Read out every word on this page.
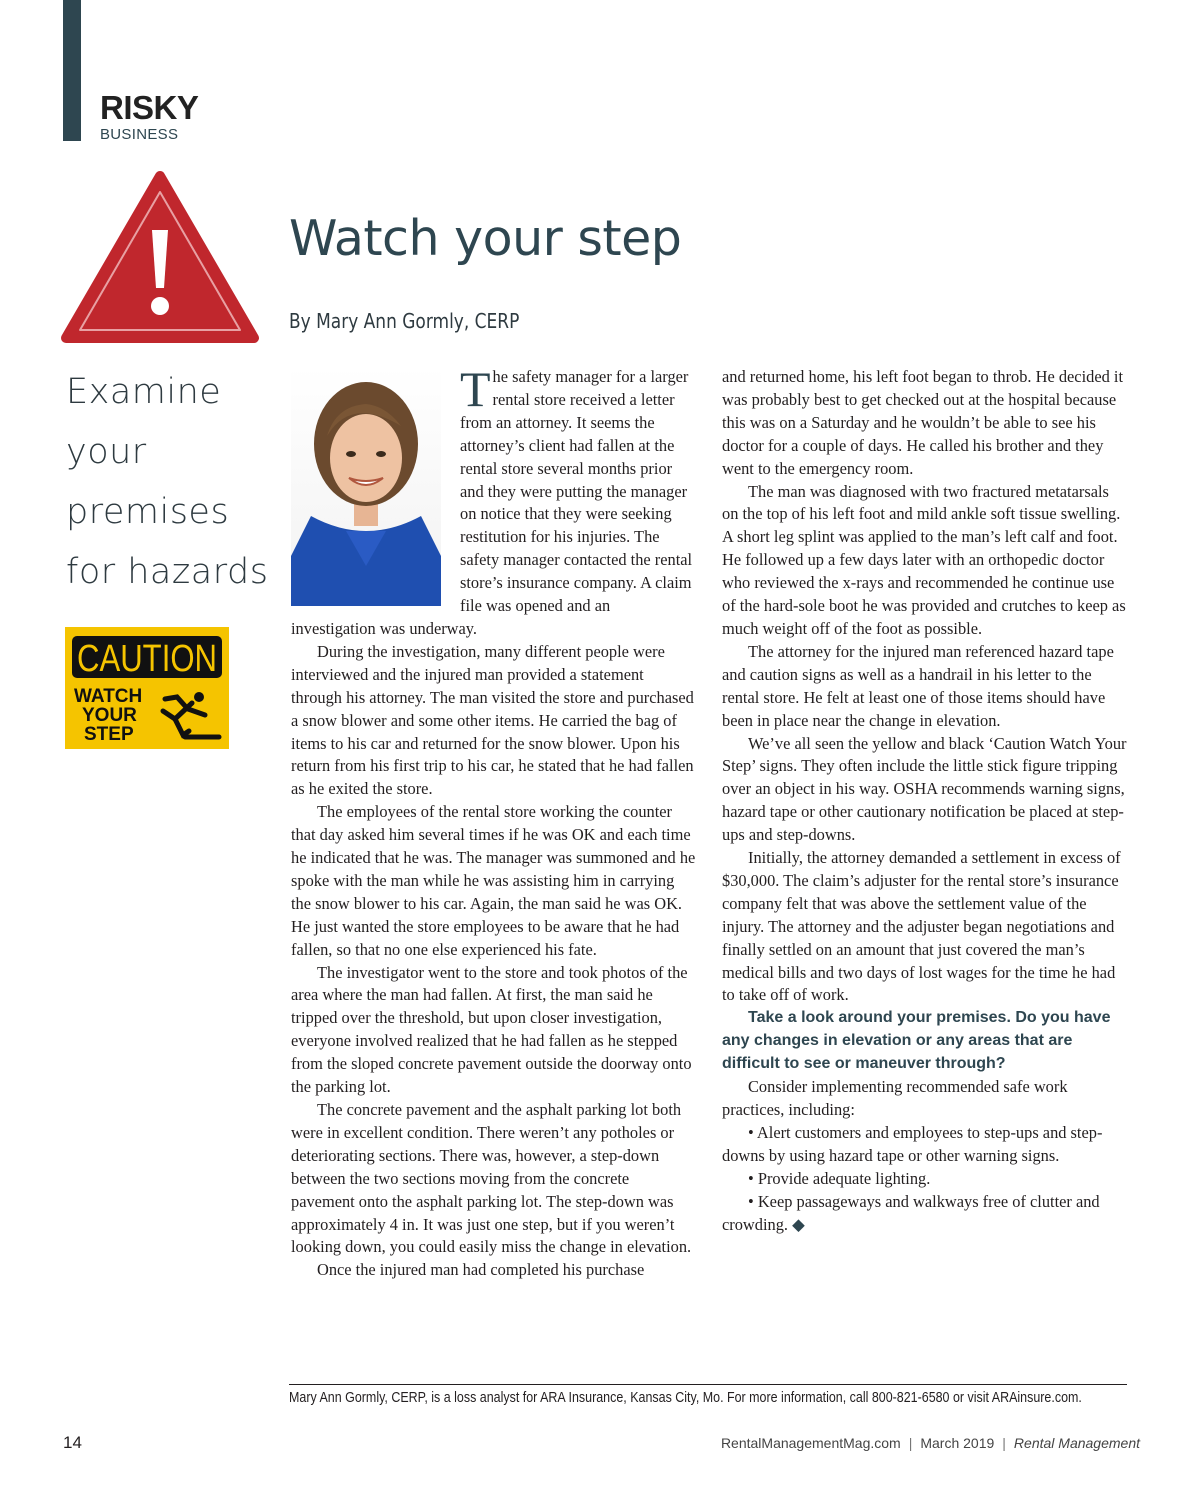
RISKY
BUSINESS
Examine
your
premises
for hazards
CAUTION
WATCH
YOUR
STEP
Watch your step
By Mary Ann Gormly, CERP

The safety manager for a larger rental store received a letter from an attorney. It seems the attorney’s client had fallen at the rental store several months prior and they were putting the manager on notice that they were seeking restitution for his injuries. The safety manager contacted the rental store’s insurance company. A claim file was opened and an investigation was underway.

During the investigation, many different people were interviewed and the injured man provided a statement through his attorney. The man visited the store and purchased a snow blower and some other items. He carried the bag of items to his car and returned for the snow blower. Upon his return from his first trip to his car, he stated that he had fallen as he exited the store.

The employees of the rental store working the counter that day asked him several times if he was OK and each time he indicated that he was. The manager was summoned and he spoke with the man while he was assisting him in carrying the snow blower to his car. Again, the man said he was OK. He just wanted the store employees to be aware that he had fallen, so that no one else experienced his fate.

The investigator went to the store and took photos of the area where the man had fallen. At first, the man said he tripped over the threshold, but upon closer investigation, everyone involved realized that he had fallen as he stepped from the sloped concrete pavement outside the doorway onto the parking lot.

The concrete pavement and the asphalt parking lot both were in excellent condition. There weren’t any potholes or deteriorating sections. There was, however, a step-down between the two sections moving from the concrete pavement onto the asphalt parking lot. The step-down was approximately 4 in. It was just one step, but if you weren’t looking down, you could easily miss the change in elevation.

Once the injured man had completed his purchase

and returned home, his left foot began to throb. He decided it was probably best to get checked out at the hospital because this was on a Saturday and he wouldn’t be able to see his doctor for a couple of days. He called his brother and they went to the emergency room.

The man was diagnosed with two fractured metatarsals on the top of his left foot and mild ankle soft tissue swelling. A short leg splint was applied to the man’s left calf and foot. He followed up a few days later with an orthopedic doctor who reviewed the x-rays and recommended he continue use of the hard-sole boot he was provided and crutches to keep as much weight off of the foot as possible.

The attorney for the injured man referenced hazard tape and caution signs as well as a handrail in his letter to the rental store. He felt at least one of those items should have been in place near the change in elevation.

We’ve all seen the yellow and black ‘Caution Watch Your Step’ signs. They often include the little stick figure tripping over an object in his way. OSHA recommends warning signs, hazard tape or other cautionary notification be placed at step-ups and step-downs.

Initially, the attorney demanded a settlement in excess of $30,000. The claim’s adjuster for the rental store’s insurance company felt that was above the settlement value of the injury. The attorney and the adjuster began negotiations and finally settled on an amount that just covered the man’s medical bills and two days of lost wages for the time he had to take off of work.

Take a look around your premises. Do you have any changes in elevation or any areas that are difficult to see or maneuver through?

Consider implementing recommended safe work practices, including:

• Alert customers and employees to step-ups and step-downs by using hazard tape or other warning signs.

• Provide adequate lighting.

• Keep passageways and walkways free of clutter and crowding. ◆

Mary Ann Gormly, CERP, is a loss analyst for ARA Insurance, Kansas City, Mo. For more information, call 800-821-6580 or visit ARAinsure.com.
14	RentalManagementMag.com | March 2019 | Rental Management
